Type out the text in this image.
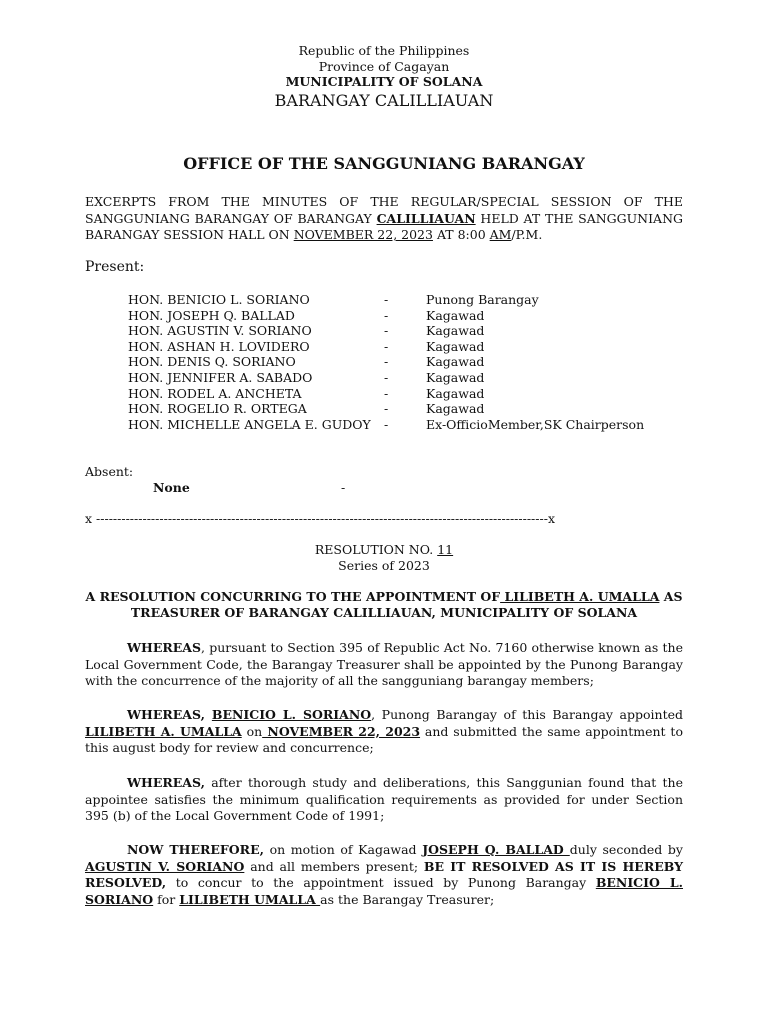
Republic of the Philippines
Province of Cagayan
MUNICIPALITY OF SOLANA
BARANGAY CALILLIAUAN
OFFICE OF THE SANGGUNIANG BARANGAY
EXCERPTS FROM THE MINUTES OF THE REGULAR/SPECIAL SESSION OF THE SANGGUNIANG BARANGAY OF BARANGAY CALILLIAUAN HELD AT THE SANGGUNIANG BARANGAY SESSION HALL ON NOVEMBER 22, 2023 AT 8:00 AM/P.M.
Present:
HON. BENICIO L. SORIANO	-	Punong Barangay
HON. JOSEPH Q. BALLAD	-	Kagawad
HON. AGUSTIN V. SORIANO	-	Kagawad
HON. ASHAN H. LOVIDERO	-	Kagawad
HON. DENIS Q. SORIANO	-	Kagawad
HON. JENNIFER A. SABADO	-	Kagawad
HON. RODEL A. ANCHETA	-	Kagawad
HON. ROGELIO R. ORTEGA	-	Kagawad
HON. MICHELLE ANGELA E. GUDOY -	Ex-OfficioMember,SK Chairperson
Absent:
None	-
x -----------------------------------------------------------------------------------------------------------x
RESOLUTION NO. 11
Series of 2023
A RESOLUTION CONCURRING TO THE APPOINTMENT OF LILIBETH A. UMALLA AS
TREASURER OF BARANGAY CALILLIAUAN, MUNICIPALITY OF SOLANA
WHEREAS, pursuant to Section 395 of Republic Act No. 7160 otherwise known as the Local Government Code, the Barangay Treasurer shall be appointed by the Punong Barangay with the concurrence of the majority of all the sangguniang barangay members;
WHEREAS, BENICIO L. SORIANO, Punong Barangay of this Barangay appointed LILIBETH A. UMALLA on NOVEMBER 22, 2023 and submitted the same appointment to this august body for review and concurrence;
WHEREAS, after thorough study and deliberations, this Sanggunian found that the appointee satisfies the minimum qualification requirements as provided for under Section 395 (b) of the Local Government Code of 1991;
NOW THEREFORE, on motion of Kagawad JOSEPH Q. BALLAD duly seconded by AGUSTIN V. SORIANO and all members present; BE IT RESOLVED AS IT IS HEREBY RESOLVED, to concur to the appointment issued by Punong Barangay BENICIO L. SORIANO for LILIBETH UMALLA as the Barangay Treasurer;
